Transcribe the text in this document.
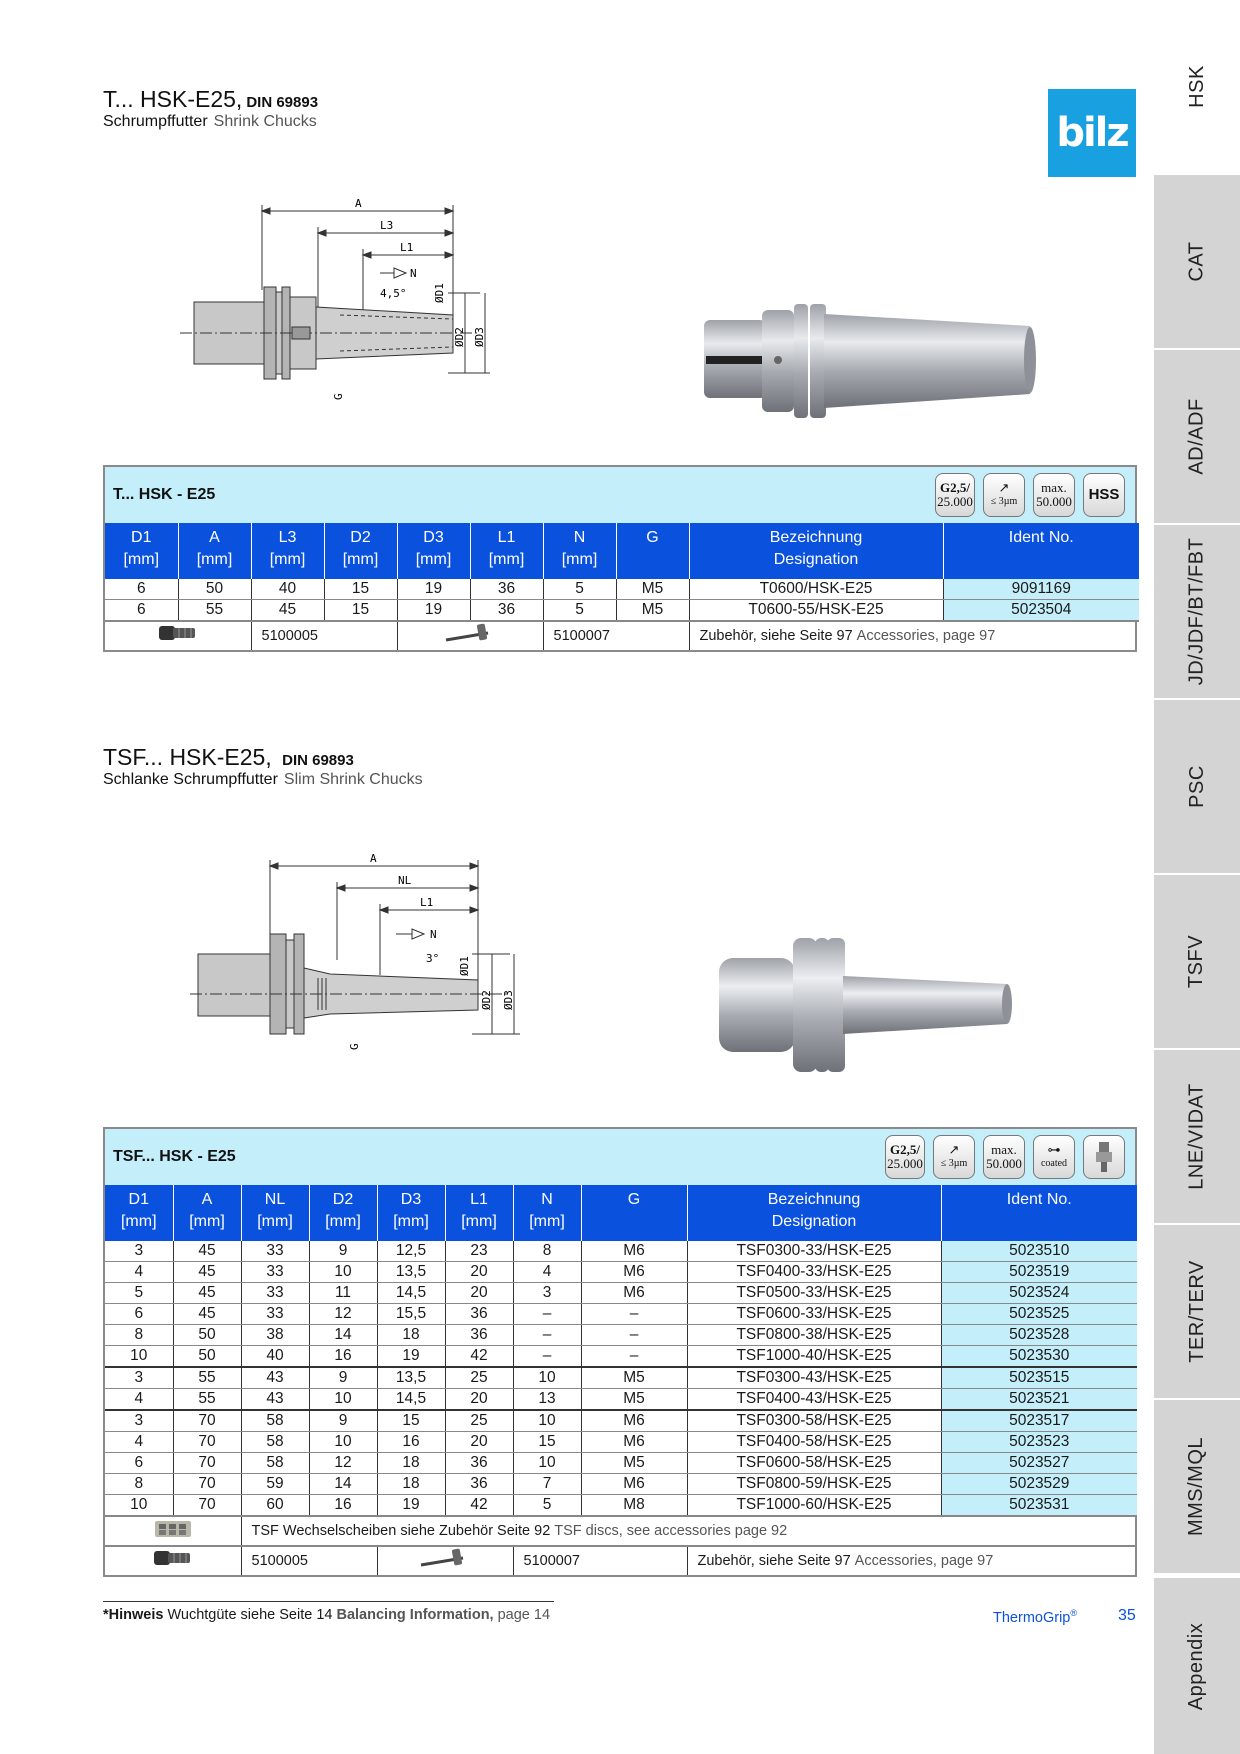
HSK
CAT
AD/ADF
JD/JDF/BT/FBT
PSC
TSFV
LNE/VIDAT
TER/TERV
MMS/MQL
Appendix
T... HSK-E25, DIN 69893
Schrumpffutter Shrink Chucks	bilz
A
L3
L1
N
4,5° ØD1
ØD2 ØD3
G
T... HSK - E25	G2,5/
25.000
↗
≤ 3µm
max.
50.000 HSS
D1
[mm]	A
[mm]	L3
[mm]	D2
[mm]	D3
[mm]	L1
[mm]	N
[mm]	G	Bezeichnung
Designation	Ident No.
6	50	40	15	19	36	5	M5	T0600/HSK-E25	9091169
6	55	45	15	19	36	5	M5	T0600-55/HSK-E25	5023504
	5100005				5100007		Zubehör, siehe Seite 97 Accessories, page 97	
TSF... HSK-E25, DIN 69893
Schlanke Schrumpffutter Slim Shrink Chucks
A
NL
L1
N
3° ØD1
ØD2 ØD3
G
TSF... HSK - E25	G2,5/
25.000
↗
≤ 3µm
max.
50.000
⊶
coated
D1
[mm]	A
[mm]	NL
[mm]	D2
[mm]	D3
[mm]	L1
[mm]	N
[mm]	G	Bezeichnung
Designation	Ident No.
3	45	33	9	12,5	23	8	M6	TSF0300-33/HSK-E25	5023510
4	45	33	10	13,5	20	4	M6	TSF0400-33/HSK-E25	5023519
5	45	33	11	14,5	20	3	M6	TSF0500-33/HSK-E25	5023524
6	45	33	12	15,5	36	–	–	TSF0600-33/HSK-E25	5023525
8	50	38	14	18	36	–	–	TSF0800-38/HSK-E25	5023528
10	50	40	16	19	42	–	–	TSF1000-40/HSK-E25	5023530
3	55	43	9	13,5	25	10	M5	TSF0300-43/HSK-E25	5023515
4	55	43	10	14,5	20	13	M5	TSF0400-43/HSK-E25	5023521
3	70	58	9	15	25	10	M6	TSF0300-58/HSK-E25	5023517
4	70	58	10	16	20	15	M6	TSF0400-58/HSK-E25	5023523
6	70	58	12	18	36	10	M5	TSF0600-58/HSK-E25	5023527
8	70	59	14	18	36	7	M6	TSF0800-59/HSK-E25	5023529
10	70	60	16	19	42	5	M8	TSF1000-60/HSK-E25	5023531
	TSF Wechselscheiben siehe Zubehör Seite 92 TSF discs, see accessories page 92							
	5100005				5100007		Zubehör, siehe Seite 97 Accessories, page 97	
*Hinweis Wuchtgüte siehe Seite 14 Balancing Information, page 14	ThermoGrip®	35
